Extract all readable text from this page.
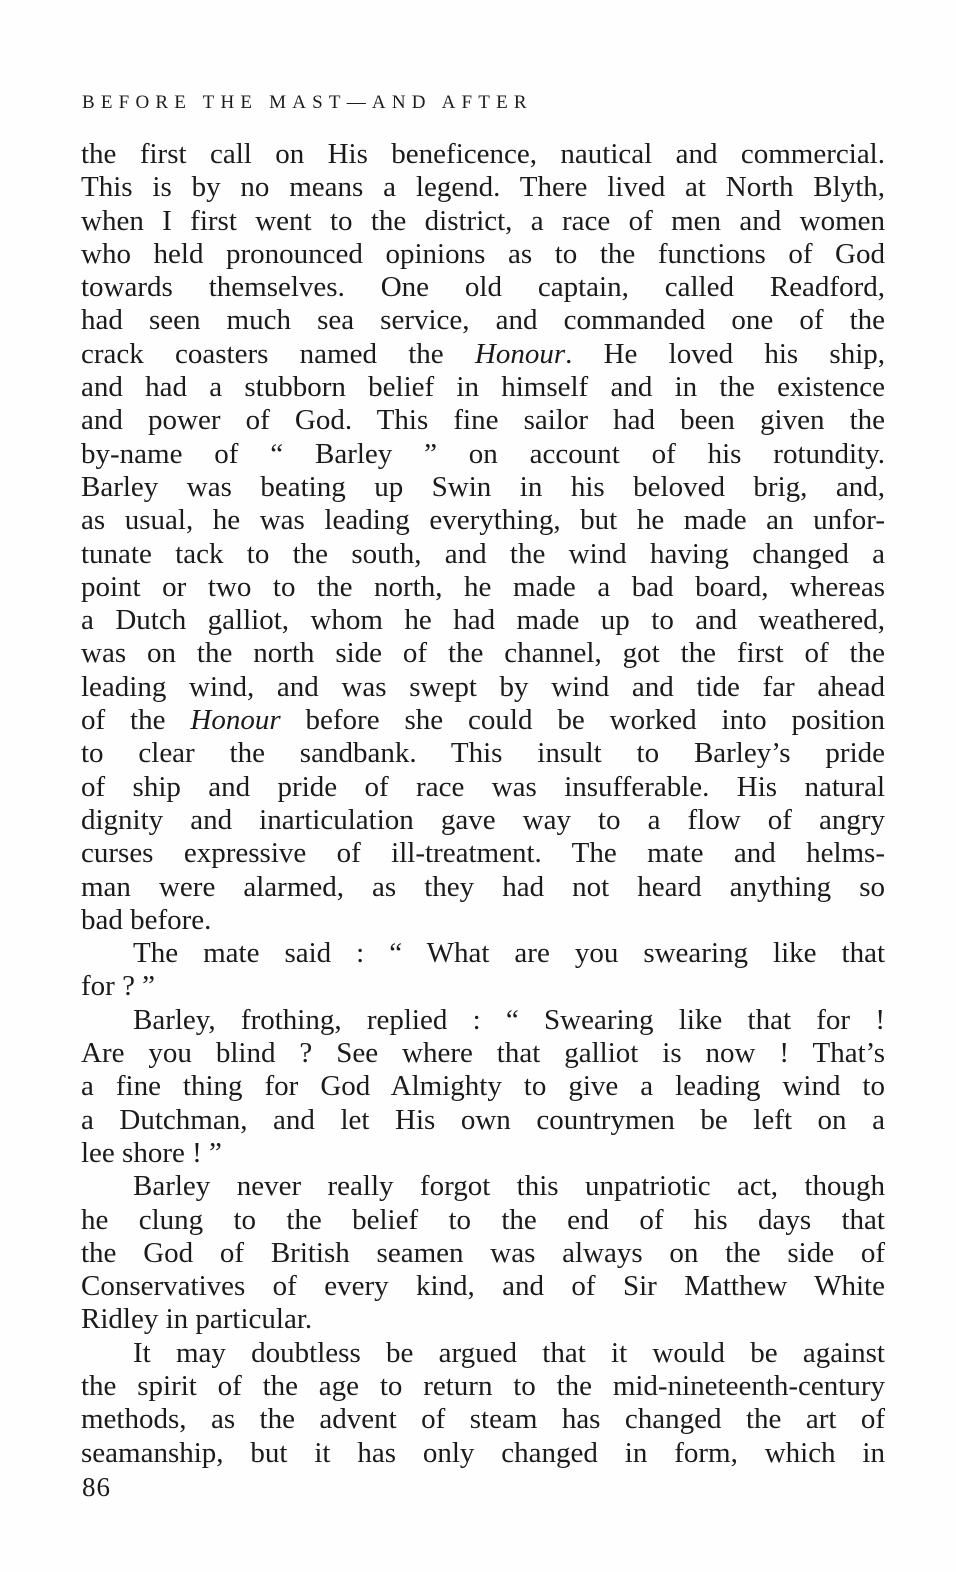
BEFORE THE MAST—AND AFTER
the first call on His beneficence, nautical and commercial.
This is by no means a legend. There lived at North Blyth,
when I first went to the district, a race of men and women
who held pronounced opinions as to the functions of God
towards themselves. One old captain, called Readford,
had seen much sea service, and commanded one of the
crack coasters named the Honour. He loved his ship,
and had a stubborn belief in himself and in the existence
and power of God. This fine sailor had been given the
by-name of “ Barley ” on account of his rotundity.
Barley was beating up Swin in his beloved brig, and,
as usual, he was leading everything, but he made an unfor-
tunate tack to the south, and the wind having changed a
point or two to the north, he made a bad board, whereas
a Dutch galliot, whom he had made up to and weathered,
was on the north side of the channel, got the first of the
leading wind, and was swept by wind and tide far ahead
of the Honour before she could be worked into position
to clear the sandbank. This insult to Barley’s pride
of ship and pride of race was insufferable. His natural
dignity and inarticulation gave way to a flow of angry
curses expressive of ill-treatment. The mate and helms-
man were alarmed, as they had not heard anything so
bad before.
The mate said : “ What are you swearing like that
for ? ”
Barley, frothing, replied : “ Swearing like that for !
Are you blind ? See where that galliot is now ! That’s
a fine thing for God Almighty to give a leading wind to
a Dutchman, and let His own countrymen be left on a
lee shore ! ”
Barley never really forgot this unpatriotic act, though
he clung to the belief to the end of his days that
the God of British seamen was always on the side of
Conservatives of every kind, and of Sir Matthew White
Ridley in particular.
It may doubtless be argued that it would be against
the spirit of the age to return to the mid-nineteenth-century
methods, as the advent of steam has changed the art of
seamanship, but it has only changed in form, which in
86
